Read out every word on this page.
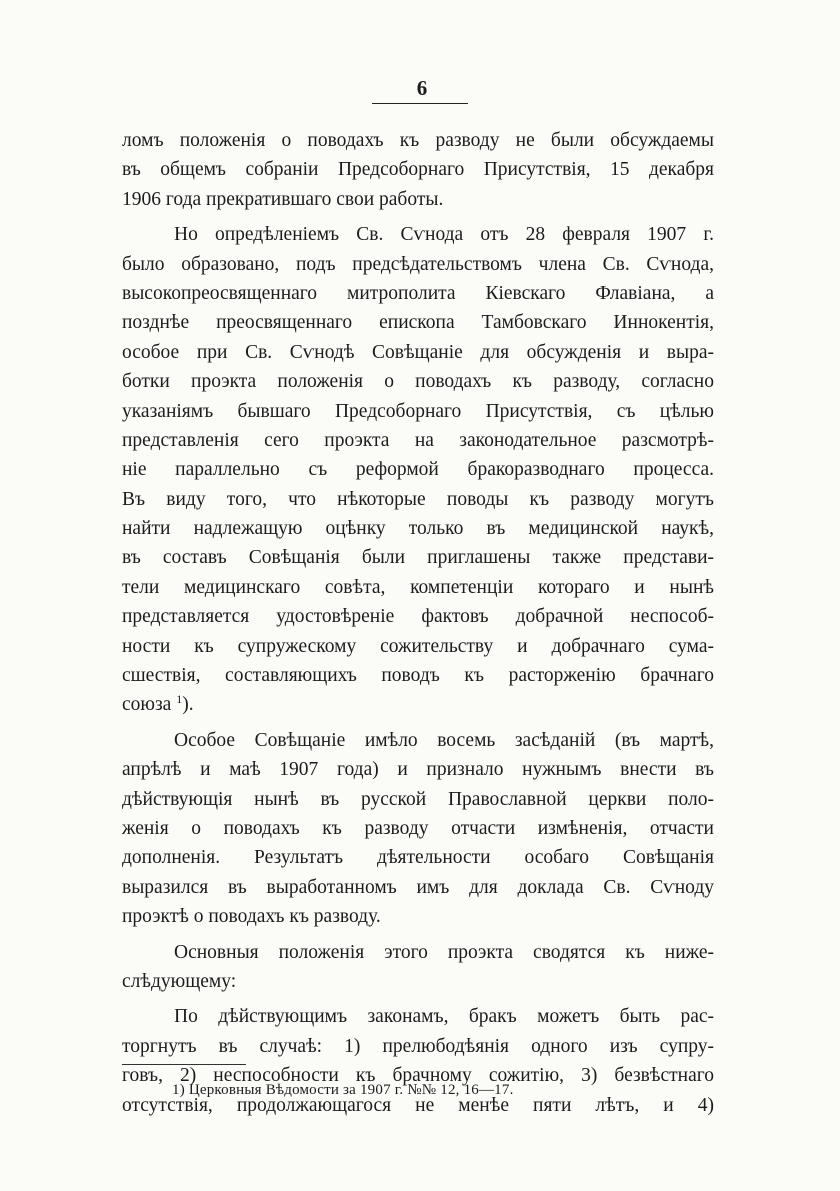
6
ломъ положенія о поводахъ къ разводу не были обсуждаемы
въ общемъ собраніи Предсоборнаго Присутствія, 15 декабря
1906 года прекратившаго свои работы.
Но опредѣленіемъ Св. Сѵнода отъ 28 февраля 1907 г.
было образовано, подъ предсѣдательствомъ члена Св. Сѵнода,
высокопреосвященнаго митрополита Кіевскаго Флавіана, а
позднѣе преосвященнаго епископа Тамбовскаго Иннокентія,
особое при Св. Сѵнодѣ Совѣщаніе для обсужденія и выра-
ботки проэкта положенія о поводахъ къ разводу, согласно
указаніямъ бывшаго Предсоборнаго Присутствія, съ цѣлью
представленія сего проэкта на законодательное разсмотрѣ-
ніе параллельно съ реформой бракоразводнаго процесса.
Въ виду того, что нѣкоторые поводы къ разводу могутъ
найти надлежащую оцѣнку только въ медицинской наукѣ,
въ составъ Совѣщанія были приглашены также представи-
тели медицинскаго совѣта, компетенціи котораго и нынѣ
представляется удостовѣреніе фактовъ добрачной неспособ-
ности къ супружескому сожительству и добрачнаго сума-
сшествія, составляющихъ поводъ къ расторженію брачнаго
союза $^1$).
Особое Совѣщаніе имѣло восемь засѣданій (въ мартѣ,
апрѣлѣ и маѣ 1907 года) и признало нужнымъ внести въ
дѣйствующія нынѣ въ русской Православной церкви поло-
женія о поводахъ къ разводу отчасти измѣненія, отчасти
дополненія. Результатъ дѣятельности особаго Совѣщанія
выразился въ выработанномъ имъ для доклада Св. Сѵноду
проэктѣ о поводахъ къ разводу.
Основныя положенія этого проэкта сводятся къ ниже-
слѣдующему:
По дѣйствующимъ законамъ, бракъ можетъ быть рас-
торгнутъ въ случаѣ: 1) прелюбодѣянія одного изъ супру-
говъ, 2) неспособности къ брачному сожитію, 3) безвѣстнаго
отсутствія, продолжающагося не менѣе пяти лѣтъ, и 4)
1) Церковныя Вѣдомости за 1907 г. №№ 12, 16—17.
